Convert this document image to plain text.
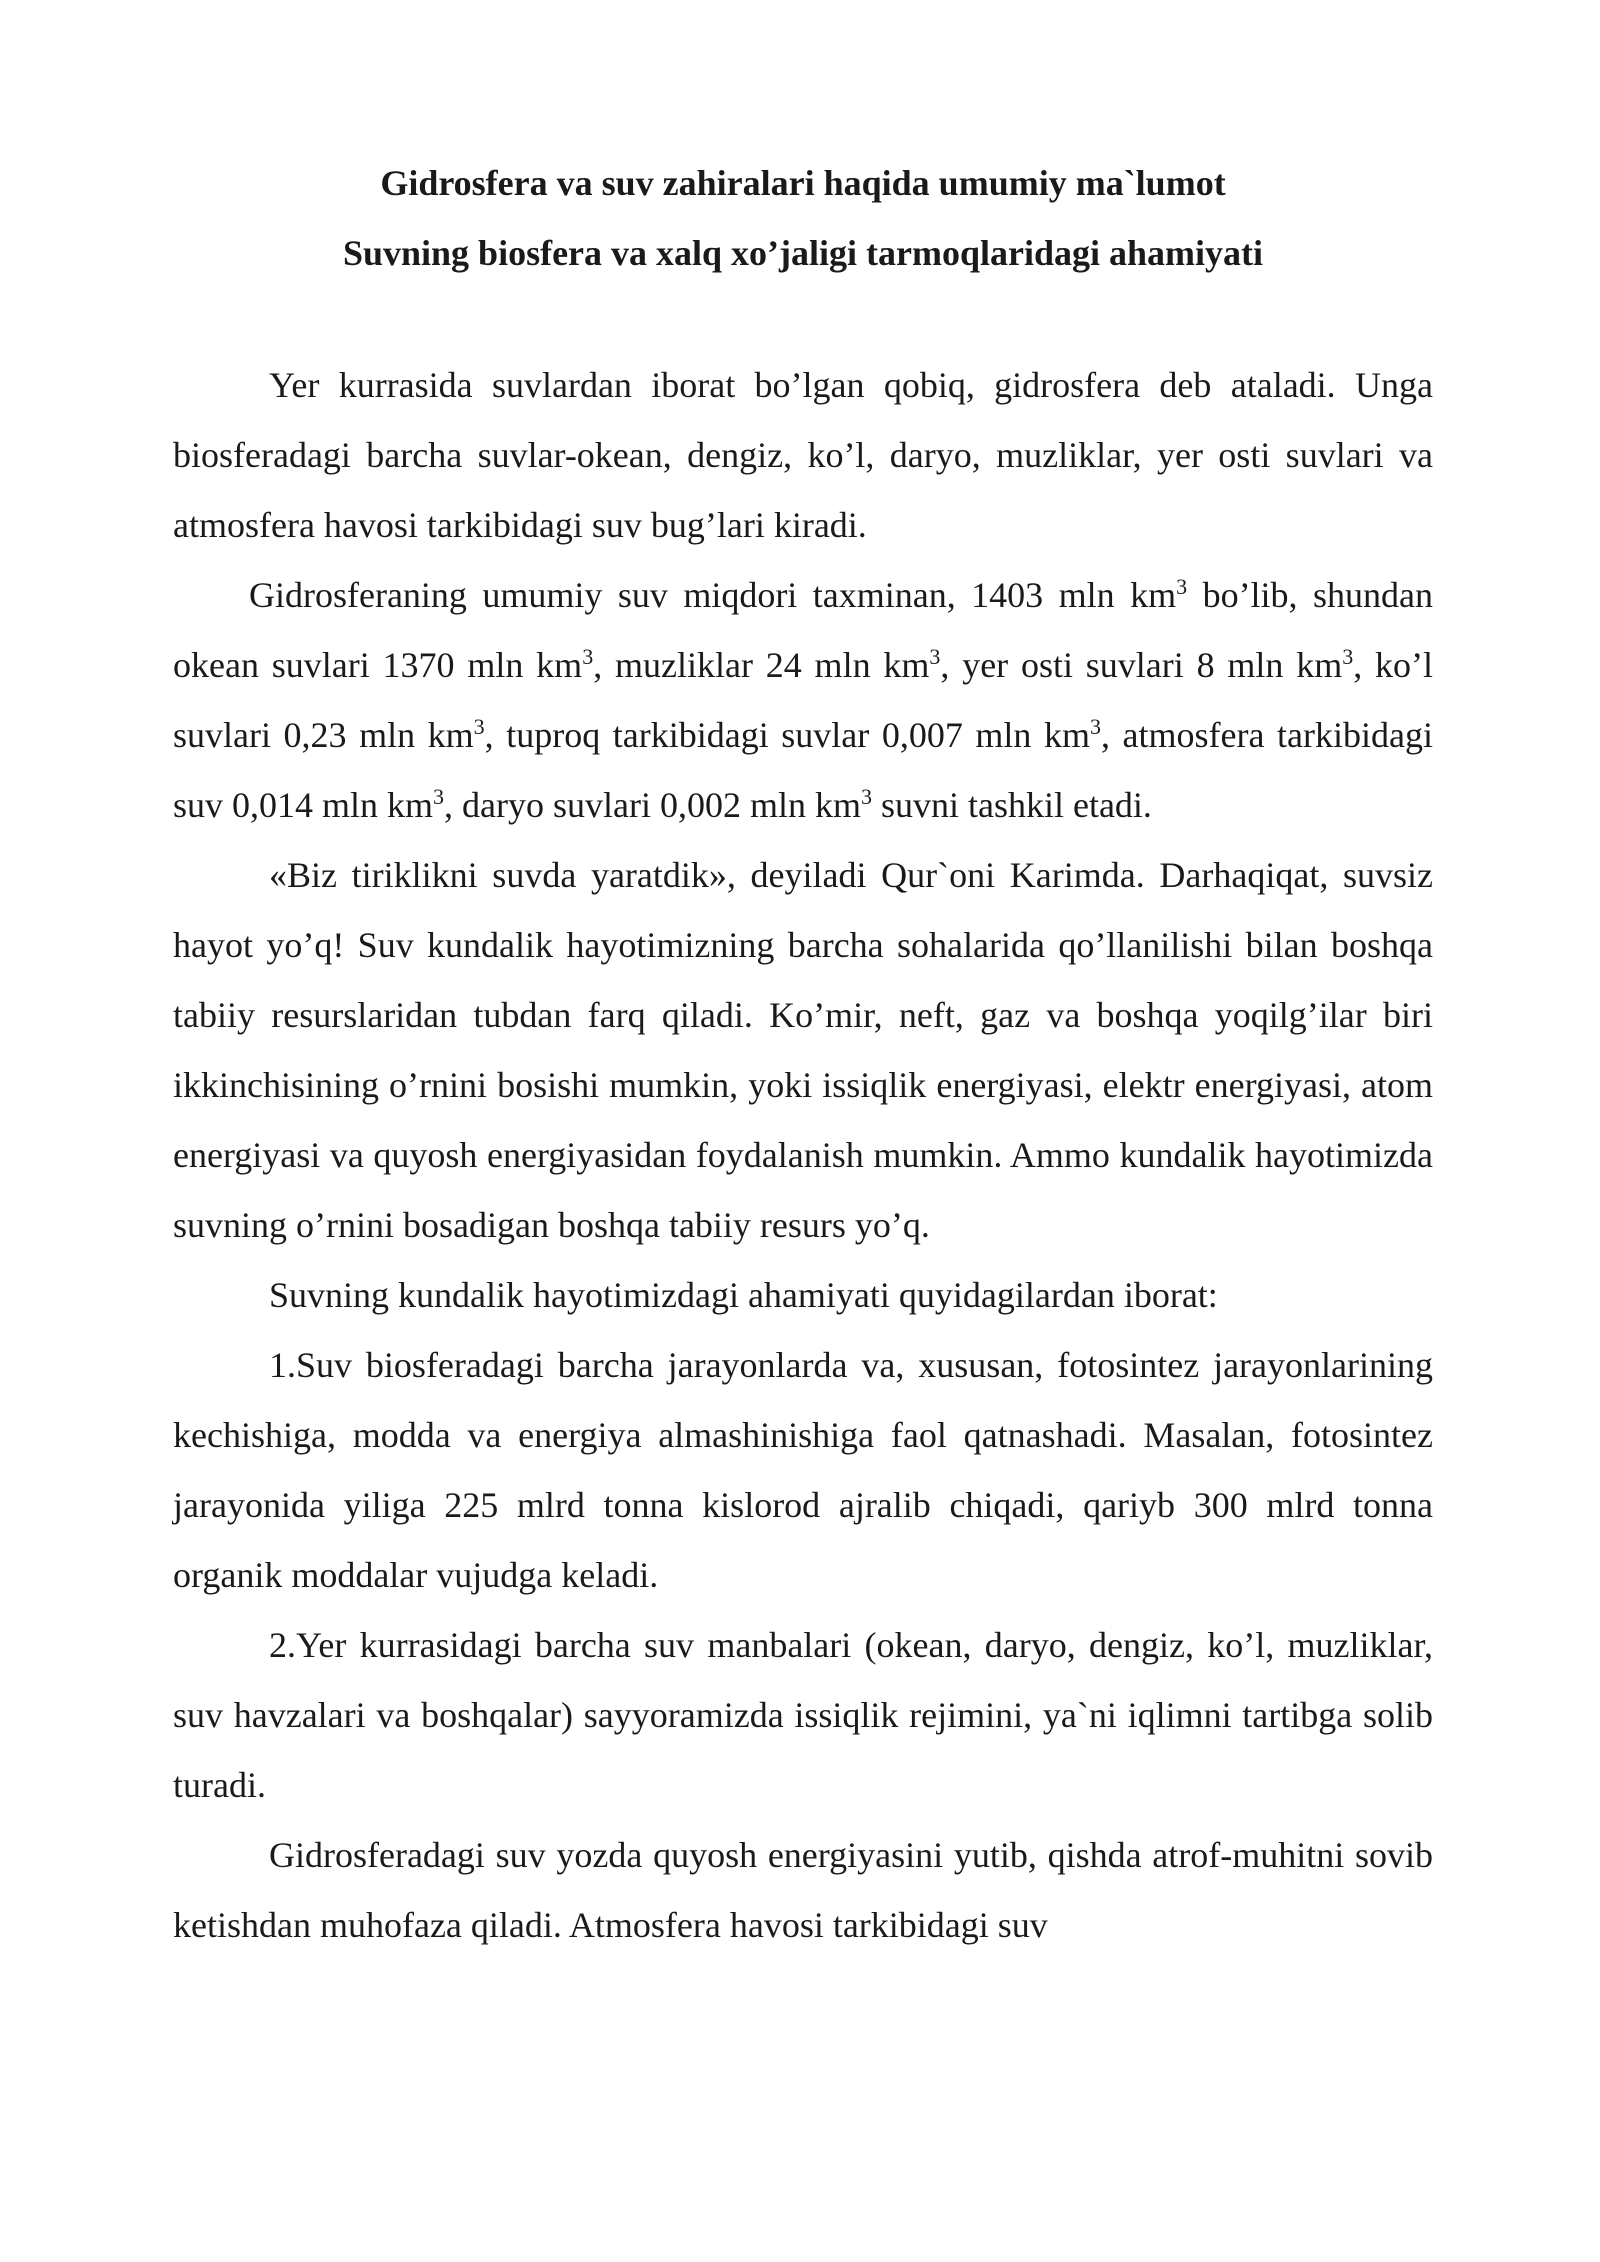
Gidrosfera va suv zahiralari haqida umumiy ma`lumot
Suvning biosfera va xalq xo’jaligi tarmoqlaridagi ahamiyati

Yer kurrasida suvlardan iborat bo’lgan qobiq, gidrosfera deb ataladi. Unga biosferadagi barcha suvlar-okean, dengiz, ko’l, daryo, muzliklar, yer osti suvlari va atmosfera havosi tarkibidagi suv bug’lari kiradi.

Gidrosferaning umumiy suv miqdori taxminan, 1403 mln $km^3$ bo’lib, shundan okean suvlari 1370 mln $km^3$, muzliklar 24 mln $km^3$, yer osti suvlari 8 mln $km^3$, ko’l suvlari 0,23 mln $km^3$, tuproq tarkibidagi suvlar 0,007 mln $km^3$, atmosfera tarkibidagi suv 0,014 mln $km^3$, daryo suvlari 0,002 mln $km^3$ suvni tashkil etadi.

«Biz tiriklikni suvda yaratdik», deyiladi Qur`oni Karimda. Darhaqiqat, suvsiz hayot yo’q! Suv kundalik hayotimizning barcha sohalarida qo’llanilishi bilan boshqa tabiiy resurslaridan tubdan farq qiladi. Ko’mir, neft, gaz va boshqa yoqilg’ilar biri ikkinchisining o’rnini bosishi mumkin, yoki issiqlik energiyasi, elektr energiyasi, atom energiyasi va quyosh energiyasidan foydalanish mumkin. Ammo kundalik hayotimizda suvning o’rnini bosadigan boshqa tabiiy resurs yo’q.

Suvning kundalik hayotimizdagi ahamiyati quyidagilardan iborat:

1.Suv biosferadagi barcha jarayonlarda va, xususan, fotosintez jarayonlarining kechishiga, modda va energiya almashinishiga faol qatnashadi. Masalan, fotosintez jarayonida yiliga 225 mlrd tonna kislorod ajralib chiqadi, qariyb 300 mlrd tonna organik moddalar vujudga keladi.

2.Yer kurrasidagi barcha suv manbalari (okean, daryo, dengiz, ko’l, muzliklar, suv havzalari va boshqalar) sayyoramizda issiqlik rejimini, ya`ni iqlimni tartibga solib turadi.

Gidrosferadagi suv yozda quyosh energiyasini yutib, qishda atrof-muhitni sovib ketishdan muhofaza qiladi. Atmosfera havosi tarkibidagi suv
